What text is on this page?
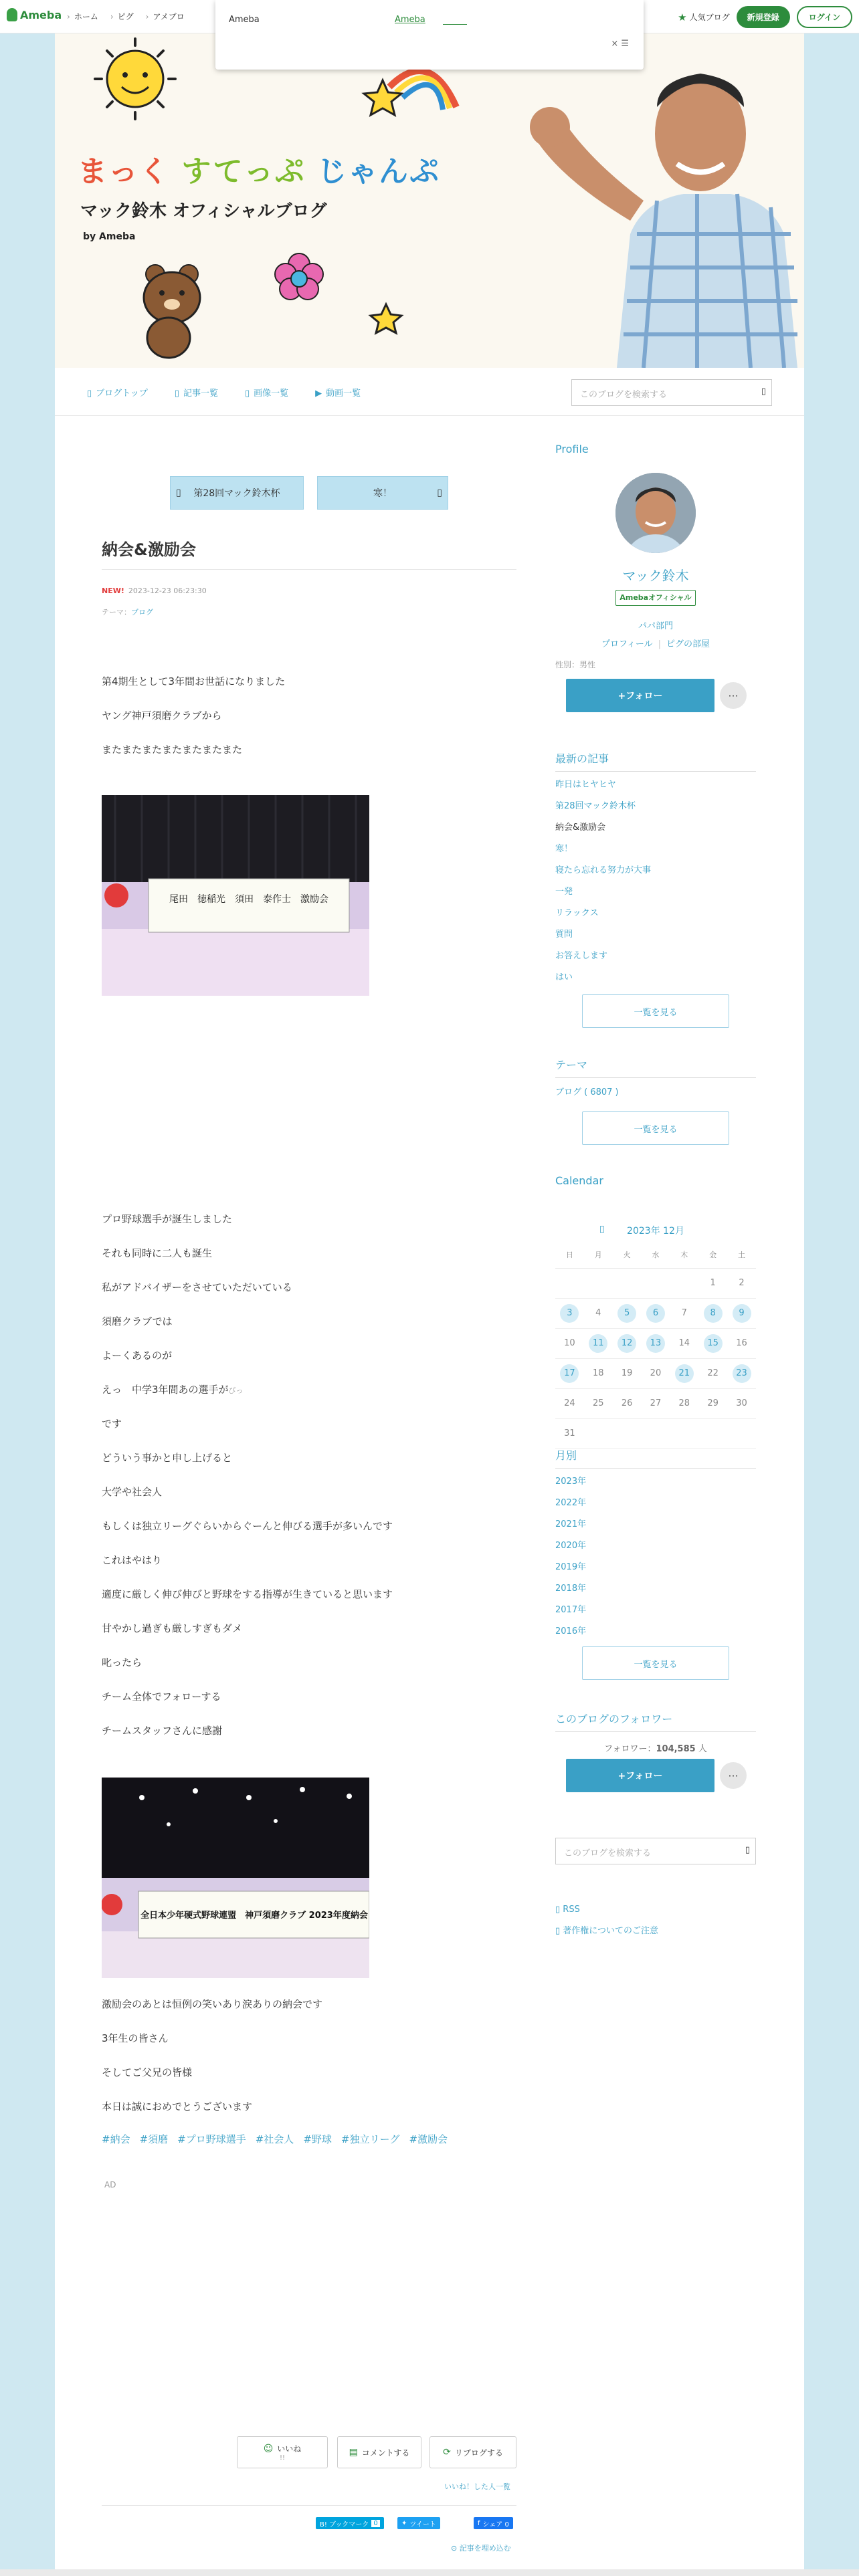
Ameba	› ホーム	› ピグ	› アメブロ	★ 人気ブログ	新規登録	ログイン
まっく すてっぷ じゃんぷ
マック鈴木 オフィシャルブログ
by Ameba
▯ ブログトップ	▯ 記事一覧	▯ 画像一覧	▶ 動画一覧	このブログを検索する	▯
▯ 第28回マック鈴木杯	寒！	▯
納会&激励会
NEW! 2023-12-23 06:23:30
テーマ：ブログ
第4期生として3年間お世話になりました
ヤング神戸須磨クラブから
またまたまたまたまたまたまた
尾田　徳稲光　須田　泰作士　激励会
プロ野球選手が誕生しました
それも同時に二人も誕生
私がアドバイザーをさせていただいている
須磨クラブでは
よーくあるのが
えっ　中学3年間あの選手がびっ
です
どういう事かと申し上げると
大学や社会人
もしくは独立リーグぐらいからぐーんと伸びる選手が多いんです
これはやはり
適度に厳しく伸び伸びと野球をする指導が生きていると思います
甘やかし過ぎも厳しすぎもダメ
叱ったら
チーム全体でフォローする
チームスタッフさんに感謝
全日本少年硬式野球連盟　神戸須磨クラブ 2023年度納会
激励会のあとは恒例の笑いあり涙ありの納会です
3年生の皆さん
そしてご父兄の皆様
本日は誠におめでとうございます
#納会 #須磨 #プロ野球選手 #社会人 #野球 #独立リーグ #激励会
AD
☺ いいね
!!
▤ コメントする	⟳ リブログする
いいね！した人一覧
B! ブックマーク 0	✦ ツイート	f シェア 0
⊙ 記事を埋め込む
Profile
マック鈴木
Amebaオフィシャル
パパ部門
プロフィール | ピグの部屋
性別：男性
+フォロー	···
最新の記事
昨日はヒヤヒヤ
第28回マック鈴木杯
納会&激励会
寒！
寝たら忘れる努力が大事
一発
リラックス
質問
お答えします
はい
一覧を見る
テーマ
ブログ ( 6807 )
一覧を見る
Calendar
▯ 2023年 12月
日	月	火	水	木	金	土
					1	2
3	4	5	6	7	8	9
10	11	12	13	14	15	16
17	18	19	20	21	22	23
24	25	26	27	28	29	30
31						
月別
2023年
2022年
2021年
2020年
2019年
2018年
2017年
2016年
一覧を見る
このブログのフォロワー
フォロワー：104,585 人
+フォロー	···
このブログを検索する	▯
▯ RSS
▯ 著作権についてのご注意
Ameba	Ameba
× ☰
